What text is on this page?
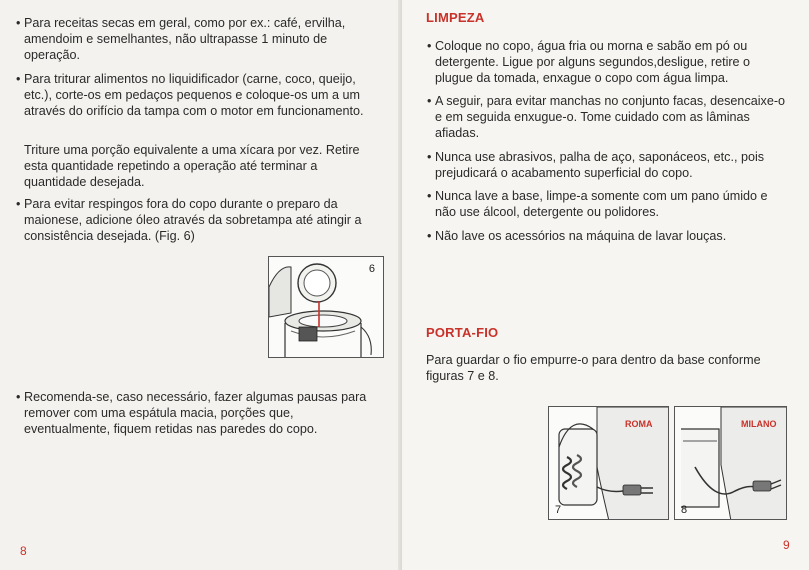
• Para receitas secas em geral, como por ex.: café, ervilha, amendoim e semelhantes, não ultrapasse 1 minuto de operação.

• Para triturar alimentos no liquidificador (carne, coco, queijo, etc.), corte-os em pedaços pequenos e coloque-os um a um através do orifício da tampa com o motor em funcionamento.

Triture uma porção equivalente a uma xícara por vez. Retire esta quantidade repetindo a operação até terminar a quantidade desejada.

• Para evitar respingos fora do copo durante o preparo da maionese, adicione óleo através da sobretampa até atingir a consistência desejada. (Fig. 6)

6
• Recomenda-se, caso necessário, fazer algumas pausas para remover com uma espátula macia, porções que, eventualmente, fiquem retidas nas paredes do copo.

8
LIMPEZA
• Coloque no copo, água fria ou morna e sabão em pó ou detergente. Ligue por alguns segundos,desligue, retire o plugue da tomada, enxague o copo com água limpa.

• A seguir, para evitar manchas no conjunto facas, desencaixe-o e em seguida enxugue-o. Tome cuidado com as lâminas afiadas.

• Nunca use abrasivos, palha de aço, saponáceos, etc., pois prejudicará o acabamento superficial do copo.

• Nunca lave a base, limpe-a somente com um pano úmido e não use álcool, detergente ou polidores.

• Não lave os acessórios na máquina de lavar louças.

PORTA-FIO

Para guardar o fio empurre-o para dentro da base conforme figuras 7 e 8.

ROMA
7
MILANO
8
9
